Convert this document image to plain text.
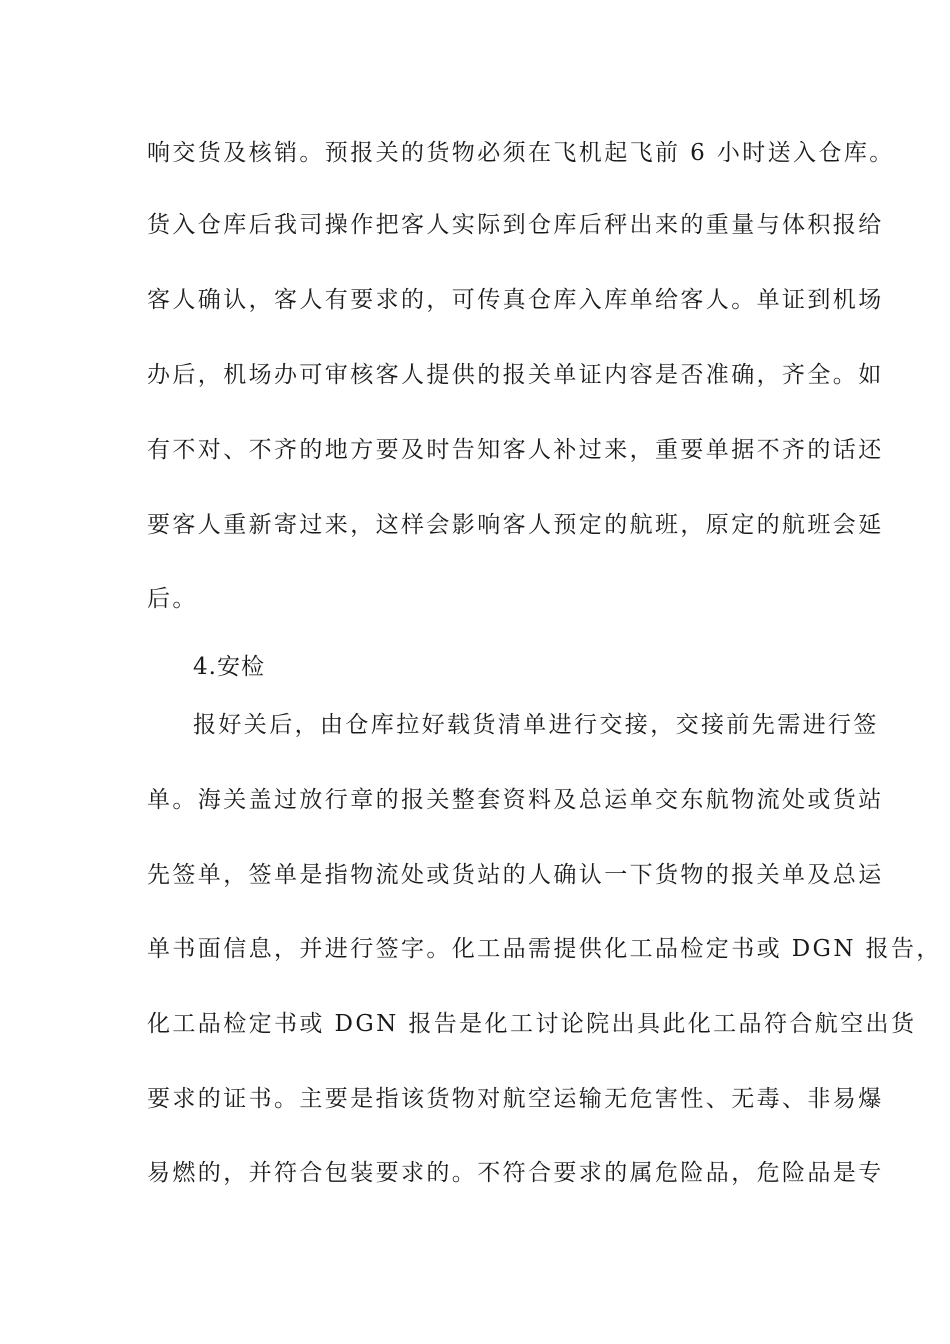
响交货及核销。预报关的货物必须在飞机起飞前 6 小时送入仓库。
货入仓库后我司操作把客人实际到仓库后秤出来的重量与体积报给
客人确认，客人有要求的，可传真仓库入库单给客人。单证到机场
办后，机场办可审核客人提供的报关单证内容是否准确，齐全。如
有不对、不齐的地方要及时告知客人补过来，重要单据不齐的话还
要客人重新寄过来，这样会影响客人预定的航班，原定的航班会延
后。
4.安检
报好关后，由仓库拉好载货清单进行交接，交接前先需进行签
单。海关盖过放行章的报关整套资料及总运单交东航物流处或货站
先签单，签单是指物流处或货站的人确认一下货物的报关单及总运
单书面信息，并进行签字。化工品需提供化工品检定书或 DGN 报告，
化工品检定书或 DGN 报告是化工讨论院出具此化工品符合航空出货
要求的证书。主要是指该货物对航空运输无危害性、无毒、非易爆
易燃的，并符合包装要求的。不符合要求的属危险品，危险品是专
